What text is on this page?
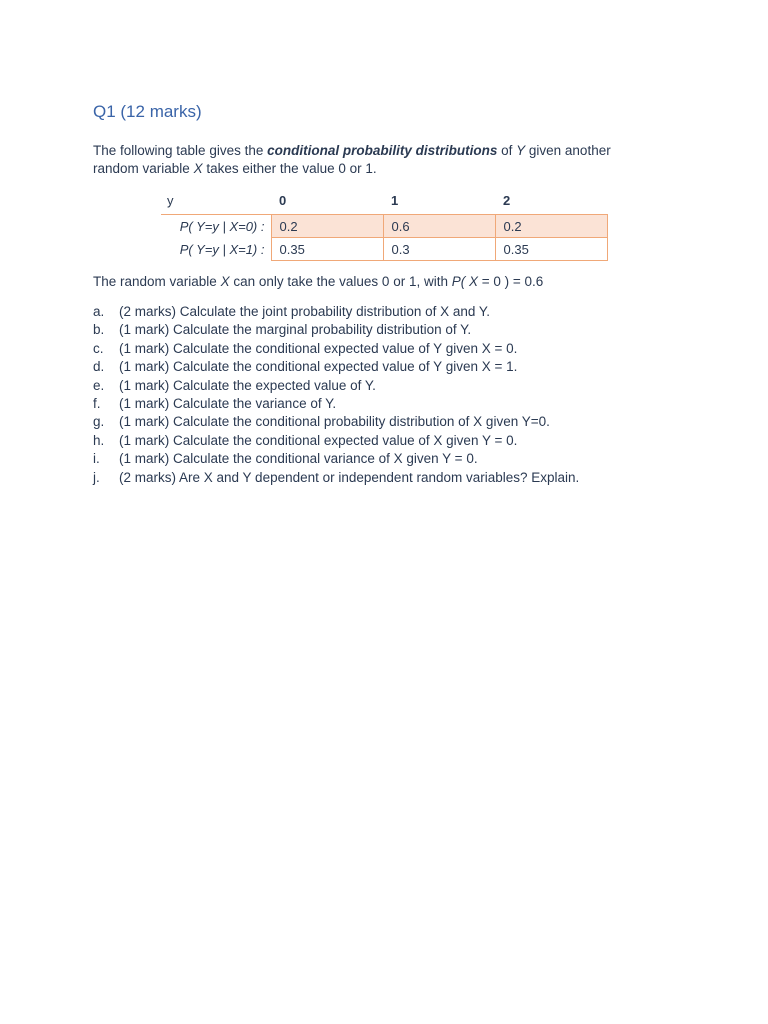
Q1 (12 marks)

The following table gives the conditional probability distributions of Y given another random variable X takes either the value 0 or 1.

y	0	1	2
P( Y=y | X=0) :	0.2	0.6	0.2
P( Y=y | X=1) :	0.35	0.3	0.35

The random variable X can only take the values 0 or 1, with P( X = 0 ) = 0.6

a.	(2 marks) Calculate the joint probability distribution of X and Y.
b.	(1 mark) Calculate the marginal probability distribution of Y.
c.	(1 mark) Calculate the conditional expected value of Y given X = 0.
d.	(1 mark) Calculate the conditional expected value of Y given X = 1.
e.	(1 mark) Calculate the expected value of Y.
f.	(1 mark) Calculate the variance of Y.
g.	(1 mark) Calculate the conditional probability distribution of X given Y=0.
h.	(1 mark) Calculate the conditional expected value of X given Y = 0.
i.	(1 mark) Calculate the conditional variance of X given Y = 0.
j.	(2 marks) Are X and Y dependent or independent random variables? Explain.
